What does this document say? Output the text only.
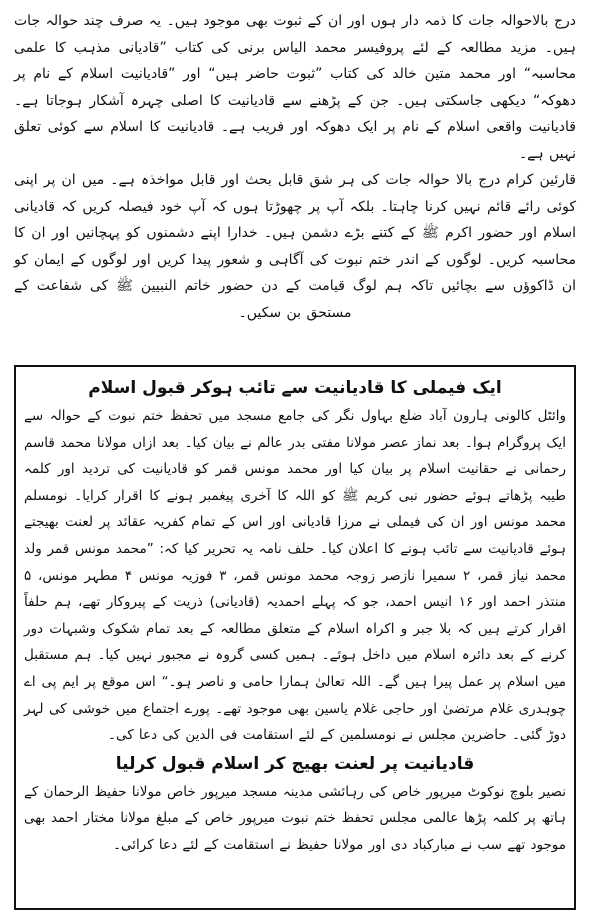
درج بالاحوالہ جات کا ذمہ دار ہوں اور ان کے ثبوت بھی موجود ہیں۔ یہ صرف چند حوالہ جات ہیں۔ مزید مطالعہ کے لئے پروفیسر محمد الیاس برنی کی کتاب ”قادیانی مذہب کا علمی محاسبہ“ اور محمد متین خالد کی کتاب ”ثبوت حاضر ہیں“ اور ”قادیانیت اسلام کے نام پر دھوکہ“ دیکھی جاسکتی ہیں۔ جن کے پڑھنے سے قادیانیت کا اصلی چہرہ آشکار ہوجاتا ہے۔ قادیانیت واقعی اسلام کے نام پر ایک دھوکہ اور فریب ہے۔ قادیانیت کا اسلام سے کوئی تعلق نہیں ہے۔

قارئین کرام درج بالا حوالہ جات کی ہر شق قابل بحث اور قابل مواخذہ ہے۔ میں ان پر اپنی کوئی رائے قائم نہیں کرنا چاہتا۔ بلکہ آپ پر چھوڑتا ہوں کہ آپ خود فیصلہ کریں کہ قادیانی اسلام اور حضور اکرم ﷺ کے کتنے بڑے دشمن ہیں۔ خدارا اپنے دشمنوں کو پہچانیں اور ان کا محاسبہ کریں۔ لوگوں کے اندر ختم نبوت کی آگاہی و شعور پیدا کریں اور لوگوں کے ایمان کو ان ڈاکوؤں سے بچائیں تاکہ ہم لوگ قیامت کے دن حضور خاتم النبیین ﷺ کی شفاعت کے مستحق بن سکیں۔

ایک فیملی کا قادیانیت سے تائب ہوکر قبول اسلام

وائٹل کالونی ہارون آباد ضلع بہاول نگر کی جامع مسجد میں تحفظ ختم نبوت کے حوالہ سے ایک پروگرام ہوا۔ بعد نماز عصر مولانا مفتی بدر عالم نے بیان کیا۔ بعد ازاں مولانا محمد قاسم رحمانی نے حقانیت اسلام پر بیان کیا اور محمد مونس قمر کو قادیانیت کی تردید اور کلمہ طیبہ پڑھاتے ہوئے حضور نبی کریم ﷺ کو اللہ کا آخری پیغمبر ہونے کا اقرار کرایا۔ نومسلم محمد مونس اور ان کی فیملی نے مرزا قادیانی اور اس کے تمام کفریہ عقائد پر لعنت بھیجتے ہوئے قادیانیت سے تائب ہونے کا اعلان کیا۔ حلف نامہ یہ تحریر کیا کہ: ”محمد مونس قمر ولد محمد نیاز قمر، ۲ سمیرا نازصر زوجہ محمد مونس قمر، ۳ فوزیہ مونس ۴ مطہر مونس، ۵ منتذر احمد اور ۱۶ انیس احمد، جو کہ پہلے احمدیہ (قادیانی) ذریت کے پیروکار تھے، ہم حلفاً اقرار کرتے ہیں کہ بلا جبر و اکراہ اسلام کے متعلق مطالعہ کے بعد تمام شکوک وشبہات دور کرنے کے بعد دائرہ اسلام میں داخل ہوئے۔ ہمیں کسی گروہ نے مجبور نہیں کیا۔ ہم مستقبل میں اسلام پر عمل پیرا ہیں گے۔ اللہ تعالیٰ ہمارا حامی و ناصر ہو۔“ اس موقع پر ایم پی اے چوہدری غلام مرتضیٰ اور حاجی غلام یاسین بھی موجود تھے۔ پورے اجتماع میں خوشی کی لہر دوڑ گئی۔ حاضرین مجلس نے نومسلمین کے لئے استقامت فی الدین کی دعا کی۔

قادیانیت پر لعنت بھیج کر اسلام قبول کرلیا

نصیر بلوچ نوکوٹ میرپور خاص کی رہائشی مدینہ مسجد میرپور خاص مولانا حفیظ الرحمان کے ہاتھ پر کلمہ پڑھا عالمی مجلس تحفظ ختم نبوت میرپور خاص کے مبلغ مولانا مختار احمد بھی موجود تھے سب نے مبارکباد دی اور مولانا حفیظ نے استقامت کے لئے دعا کرائی۔
